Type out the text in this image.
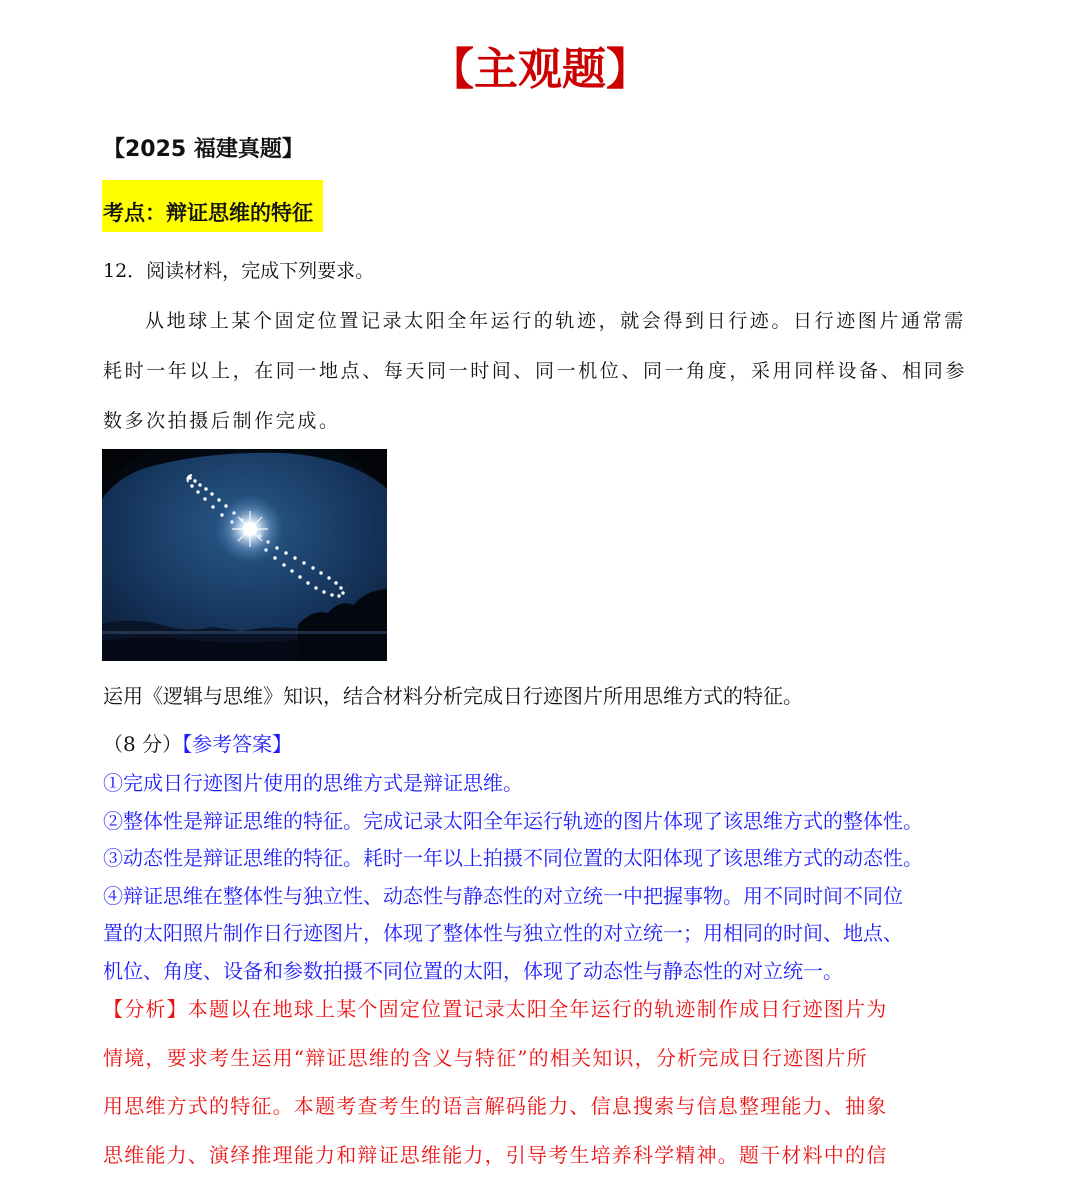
【主观题】
【2025 福建真题】
考点：辩证思维的特征
12．阅读材料，完成下列要求。
从地球上某个固定位置记录太阳全年运行的轨迹，就会得到日行迹。日行迹图片通常需
耗时一年以上，在同一地点、每天同一时间、同一机位、同一角度，采用同样设备、相同参
数多次拍摄后制作完成。
运用《逻辑与思维》知识，结合材料分析完成日行迹图片所用思维方式的特征。
（8 分）【参考答案】
①完成日行迹图片使用的思维方式是辩证思维。
②整体性是辩证思维的特征。完成记录太阳全年运行轨迹的图片体现了该思维方式的整体性。
③动态性是辩证思维的特征。耗时一年以上拍摄不同位置的太阳体现了该思维方式的动态性。
④辩证思维在整体性与独立性、动态性与静态性的对立统一中把握事物。用不同时间不同位
置的太阳照片制作日行迹图片，体现了整体性与独立性的对立统一；用相同的时间、地点、
机位、角度、设备和参数拍摄不同位置的太阳，体现了动态性与静态性的对立统一。
【分析】本题以在地球上某个固定位置记录太阳全年运行的轨迹制作成日行迹图片为
情境，要求考生运用“辩证思维的含义与特征”的相关知识，分析完成日行迹图片所
用思维方式的特征。本题考查考生的语言解码能力、信息搜索与信息整理能力、抽象
思维能力、演绎推理能力和辩证思维能力，引导考生培养科学精神。题干材料中的信
